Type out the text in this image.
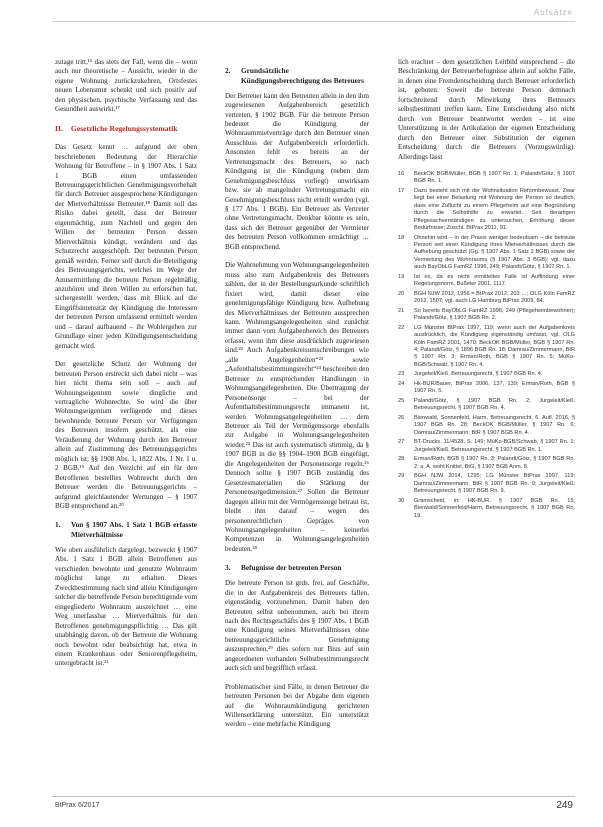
Aufsätze

zutage tritt,¹⁶ das stets der Fall, wenn die – wenn auch nur theoretische – Aussicht, wieder in die eigene Wohnung zurückzukehren, Ortsfestes neuen Lebensmut schenkt und sich positiv auf den physischen, psychische Verfassung und das Gesundheit auswirkt.¹⁷

II. Gesetzliche Regelungssystematik

Das Gesetz kennt … aufgrund der oben beschriebenen Bedeutung der Hierarchie Wohnung für Betroffene – in § 1907 Abs. 1 Satz 1 BGB einen umfassenden Betreuungsgerichtlichen Genehmigungsvorbehalt für durch Betreuer ausgesprochene Kündigungen der Mietverhältnisse Betreuter.¹⁸ Damit soll das Risiko dabei geteilt, dass der Betreuer eigenmächtig, zum Nachteil und gegen den Willen der betreuten Person dessen Mietverhältnis kündigt, verändern und das Schutzrecht ausgeschöpft. Der betreuten Person gemäß werden. Ferner soll durch die Beteiligung des Betreuungsgerichts, welches im Wege der Amtsermittlung die betreute Person regelmäßig anzuhören und ihren Willen zu erforschen hat, sichergestellt werden, dass mit Blick auf die Eingriffsintensität der Kündigung die Interessen der betreuten Person umfassend ermittelt werden und – darauf aufbauend – ihr Wohlergehen zur Grundlage einer jeden Kündigungsentscheidung gemacht wird.

Der gesetzliche Schutz der Wohnung der betreuten Person erstreckt sich dabei nicht – was hier nicht thema sein soll – auch auf Wohnungseigentum sowie dingliche und vertragliche Wohnrechte. So wird die über Wohnungseigentum verfügende und dieses bewohnende betreute Person vor Verfügungen des Betreuers insofern geschützt, als eine Veräußerung der Wohnung durch den Betreuer allein auf Zustimmung des Betreuungsgerichts möglich ist; §§ 1908 Abs. 1, 1822 Abs. 1 Nr. 1 u. 2 BGB.¹⁹ Auf den Verzicht auf ein für den Betroffenen bestelltes Wohnrecht durch den Betreuer werden die Betreuungsgerichts – aufgrund gleichlautender Wertungen – § 1907 BGB entsprechend an.²⁰

1. Von § 1907 Abs. 1 Satz 1 BGB erfasste Mietverhältnisse

Wie oben ausführlich dargelegt, bezweckt § 1907 Abs. 1 Satz 1 BGB allein Betroffenen aus verschieden bewohnte und genutzte Wohnraum möglichst lange zu erhalten. Dieses Zweckbestimmung nach sind allein Kündigungen solcher die betreffende Person berechtigende vom eingegliederte Wohnraum auszeichnet … eine Weg unerfassbar … Mietverhältnis für den Betroffenen genehmigungspflichtig … Das gilt unabhängig davon, ob der Betreute die Wohnung noch bewohnt oder beabsichtigt hat, etwa in einem Krankenhaus oder Seniorenpflegeheim, untergebracht ist.²¹

2. Grundsätzliche Kündigungsberechtigung des Betreuers

Der Betreuer kann den Betreuten allein in den ihm zugewiesenen Aufgabenbereich gesetzlich vertreten, § 1902 BGB. Für die betreute Person bedeutet die Kündigung der Wohnraummietverträge durch den Betreuer einen Ausschluss der Aufgabenbereich erforderlich. Ansonsten fehlt es bereits an der Vertretungsmacht des Betreuers, so nach Kündigung ist die Kündigung (neben dem Genehmigungsbeschluss vorliegt) unwirksam bzw. sie ab mangelnder Vertretungsmacht ein Genehmigungsbeschluss nicht erteilt werden (vgl. § 177 Abs. 1 BGB). Ein Betreuer als Vertreter ohne Vertretungsmacht. Denkbar könnte es sein, dass sich der Betreuer gegenüber der Vermieter des betreuten Person vollkommen ermächtigt … BGB entsprechend.

Die Wahrnehmung von Wohnungsangelegenheiten muss also zum Aufgabenkreis des Betreuers zählen, der in der Bestellungsurkunde schriftlich fixiert wird, damit dieser eine genehmigungsfähige Kündigung bzw. Aufhebung des Mietverhältnisses der Betreuten aussprechen kann. Wohnungsangelegenheiten sind zunächst immer dann vom Aufgabenbereich des Betreuers erfasst, wenn ihm diese ausdrücklich zugewiesen sind.²² Auch Aufgabenkreisumschreibungen wie „alle Angelegenheiten“²³ sowie „Aufenthaltsbestimmungsrecht“²⁴ beschreiben den Betreuer zu entsprechenden Handlungen in Wohnungsangelegenheiten. Die Übertragung der Personensorge – bei der Aufenthaltsbestimmungsrecht immanent ist, werden Wohnungsangelegenheiten … dem Betreuer als Teil der Vermögenssorge ebenfalls zur Aufgabe in Wohnungsangelegenheiten wieder.²⁵ Das ist auch systematisch stimmig, da § 1907 BGB in die §§ 1904–1908 BGB eingefügt, die Angelegenheiten der Personensorge regeln.²⁶ Dennoch sollte § 1907 BGB zuständig des Gesetzesmaterialien die Stärkung der Personensorgedimension.²⁷ Sollen die Betreuer dagegen allein mit der Vermögenssorge betraut ist, bleibt ihm darauf – wegen des personenrechtlichen Gepräges von Wohnungsangelegenheiten – keinerlei Kompetenzen in Wohnungsangelegenheiten bedeuten.²⁸

3. Befugnisse der betreuten Person

Die betreute Person ist grds. frei, auf Geschäfte, die in der Aufgabenkreis des Betreuers fallen, eigenständig vorzunehmen. Damit haben den Betreuten selbst unbenommen, auch bei ihrem nach des Rechtsgeschäfts des § 1907 Abs. 1 BGB eine Kündigung seines Mietverhältnisses ohne betreuungsgerichtliche Genehmigung auszusprechen,²⁹ dies sofern nur Bius auf sein angeordneten vorhanden Selbstbestimmungsrecht auch sich und begrifflich erfasst.

Problematischer sind Fälle, in denen Betreuer die betreuten Personen bei der Abgabe dem eigenen auf die Wohnraumkündigung gerichteten Willenserklärung unterstützt. Ein unterstützt werden – eine mehrfache Kündigung

lich erachtet – dem gesetzlichen Leitbild entsprechend – die Beschränkung der Betreuerbefugnisse allein auf solche Fälle, in denen eine Fremdentscheidung durch Betreuer erforderlich ist, geboten. Soweit die betreute Person demnach fortschreitend durch Mitwirkung ihres Betreuers selbstbestimmt treffen kann. Eine Entscheidung also nicht durch von Betreuer beantwortet werden – ist eine Unterstützung in der Artikulation der eigenen Entscheidung durch den Betreuer einer Substitution der eigenen Entscheidung durch die Betreuers (Vorzugswürdig). Allerdings lässt

16	BeckOK BGB/Müller, BGB § 1907 Rn. 1; Palandt/Götz, § 1907 BGB Rn. 1.
17	Dazu besteht sich mit der Wohnsituation Reformbewusst. Zwar liegt bei einer Belastung mit Wohnung der Person so deutlich, dass eine Zuflucht zu einem Pflegeheim auf eine Begründung durch die Selbsthilfe zu erwartet. Seit derartigen Pflegesachverständigen zu untersuchen, Erhöhung dieser Bedürfnisse; Zuschl. BtPrax 2011, 91.
18	Ohnehin wird – in der Praxis weniger bedeutsam – die betreute Person seit einer Kündigung ihres Mietverhältnisses durch die Aufhebung geschützt (Gg. § 1907 Abs. 1 Satz 2 BGB) sowie der Vermietung des Wohnraums (§ 1907 Abs. 3 BGB); vgl. dazu auch BayObLG FamRZ 1996, 249; Palandt/Götz, § 1907 Rn. 1.
19	Ist es, da es nicht ermitteltes Falle ist Auffindung einer Regelungsnorm, Bußeler 2001, 1117.
20	BGH NJW 2012, 1956 = BtPrax 2012, 203 …; OLG Köln FamRZ 2012, 1507; vgl. auch LG Hamburg BtPrax 2009, 84.
21	So bereits BayObLG FamRZ 1996, 249 (Pflegeheimbewohner); Palandt/Götz, § 1907 BGB Rn. 2.
22	LG Münster BtPrax 1997, 119; wenn auch der Aufgabenkreis ausdrücklich, die Kündigung eigenständig umfasst, vgl. OLG Köln FamRZ 2001, 1470; BeckOK BGB/Müller, BGB § 1907 Rn. 4; Palandt/Götz, § 1896 BGB Rn. 18; Damrau/Zimmermann, BtR § 1907 Rn. 3; Erman/Roth, BGB § 1907 Rn. 5; MüKo-BGB/Schwab, § 1907 Rn. 4.
23	Jurgeleit/Kieß, Betreuungsrecht, § 1907 BGB Rn. 4.
24	Hk-BUR/Bauer, BtPrax 2006, 137, 139; Erman/Roth, BGB § 1907 Rn. 5.
25	Palandt/Götz, § 1907 BGB Rn. 2; Jurgeleit/Kieß, Betreuungsrecht, § 1907 BGB Rn. 4.
26	Bienwald, Sonnenfeld, Harm, Betreuungsrecht, 6. Aufl. 2016, § 1907 BGB Rn. 28; BeckOK BGB/Müller, § 1907 Rn. 6; Damrau/Zimmermann, BtR § 1907 BGB Rn. 4.
27	BT-Drucks. 11/4528, S. 149; MüKo-BGB/Schwab, § 1907 Rn. 1; Jurgeleit/Kieß, Betreuungsrecht, § 1907 BGB Rn. 1.
28	Erman/Roth, BGB § 1907 Rn. 3; Palandt/Götz, § 1907 BGB Rn. 2; a. A. wohl Knittel, BtG, § 1907 BGB Anm. 8.
29	BGH NJW 2014, 1295; LG Münster BtPrax 1997, 119; Damrau/Zimmermann, BtR § 1907 BGB Rn. 9; Jurgeleit/Kieß, Betreuungsrecht, § 1907 BGB Rn. 9.
30	Gramscheid, in: HK-BUR, § 1907 BGB Rn. 15; Bienwald/Sonnenfeld/Harm, Betreuungsrecht, § 1907 BGB Rn. 19.
BtPrax 6/2017	249
